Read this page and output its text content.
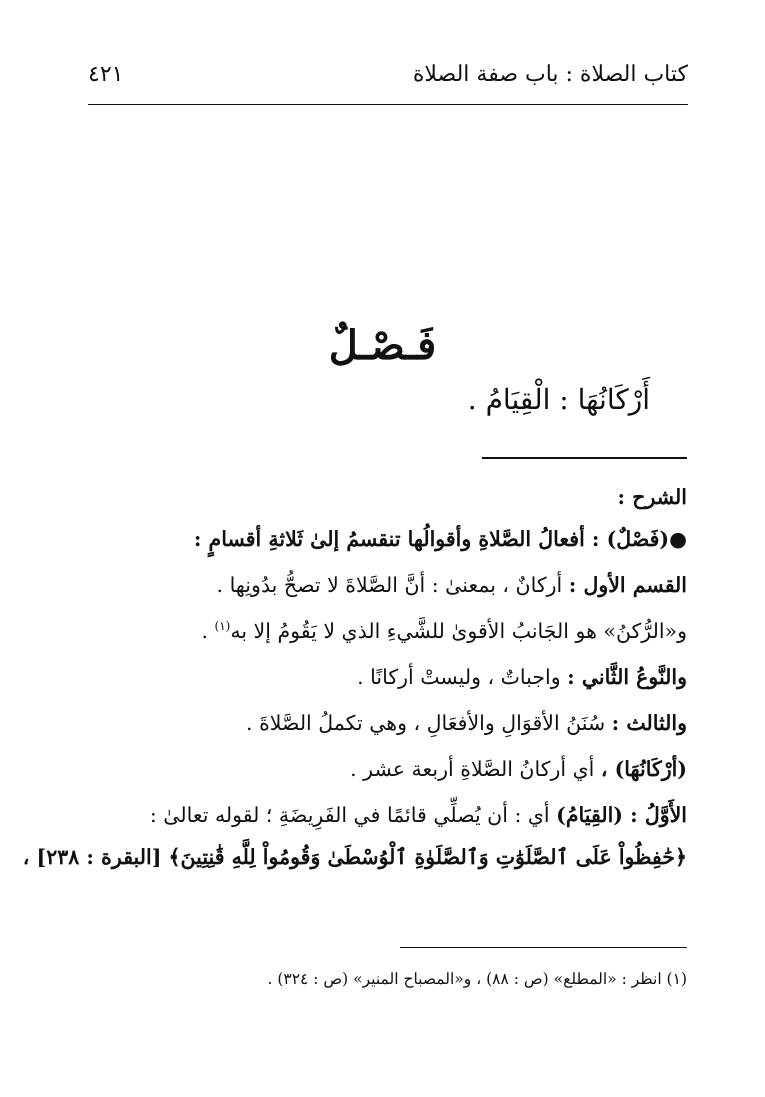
كتاب الصلاة : باب صفة الصلاة
٤٢١
فَـصْـلٌ
أَرْكَانُهَا : الْقِيَامُ .
الشرح :
●(فَصْلٌ) : أفعالُ الصَّلاةِ وأقوالُها تنقسمُ إلىٰ ثَلاثةِ أقسامٍ :
القسم الأول : أركانٌ ، بمعنىٰ : أنَّ الصَّلاةَ لا تصحُّ بدُونِها .
و«الرُّكنُ» هو الجَانبُ الأقوىٰ للشَّيءِ الذي لا يَقُومُ إلا به$^{(١)}$ .
والنَّوعُ الثَّاني : واجباتٌ ، وليستْ أركانًا .
والثالث : سُنَنُ الأقوَالِ والأفعَالِ ، وهي تكملُ الصَّلاةَ .
(أرْكَانُهَا) ، أي أركانُ الصَّلاةِ أربعة عشر .
الأَوَّلُ : (القِيَامُ) أي : أن يُصلِّي قائمًا في الفَرِيضَةِ ؛ لقوله تعالىٰ :
﴿حَٰفِظُواْ عَلَى ٱلصَّلَوَٰتِ وَٱلصَّلَوٰةِ ٱلْوُسْطَىٰ وَقُومُواْ لِلَّهِ قَٰنِتِينَ﴾ [البقرة : ٢٣٨] ،
(١) انظر : «المطلع» (ص : ٨٨) ، و«المصباح المنير» (ص : ٣٢٤) .
